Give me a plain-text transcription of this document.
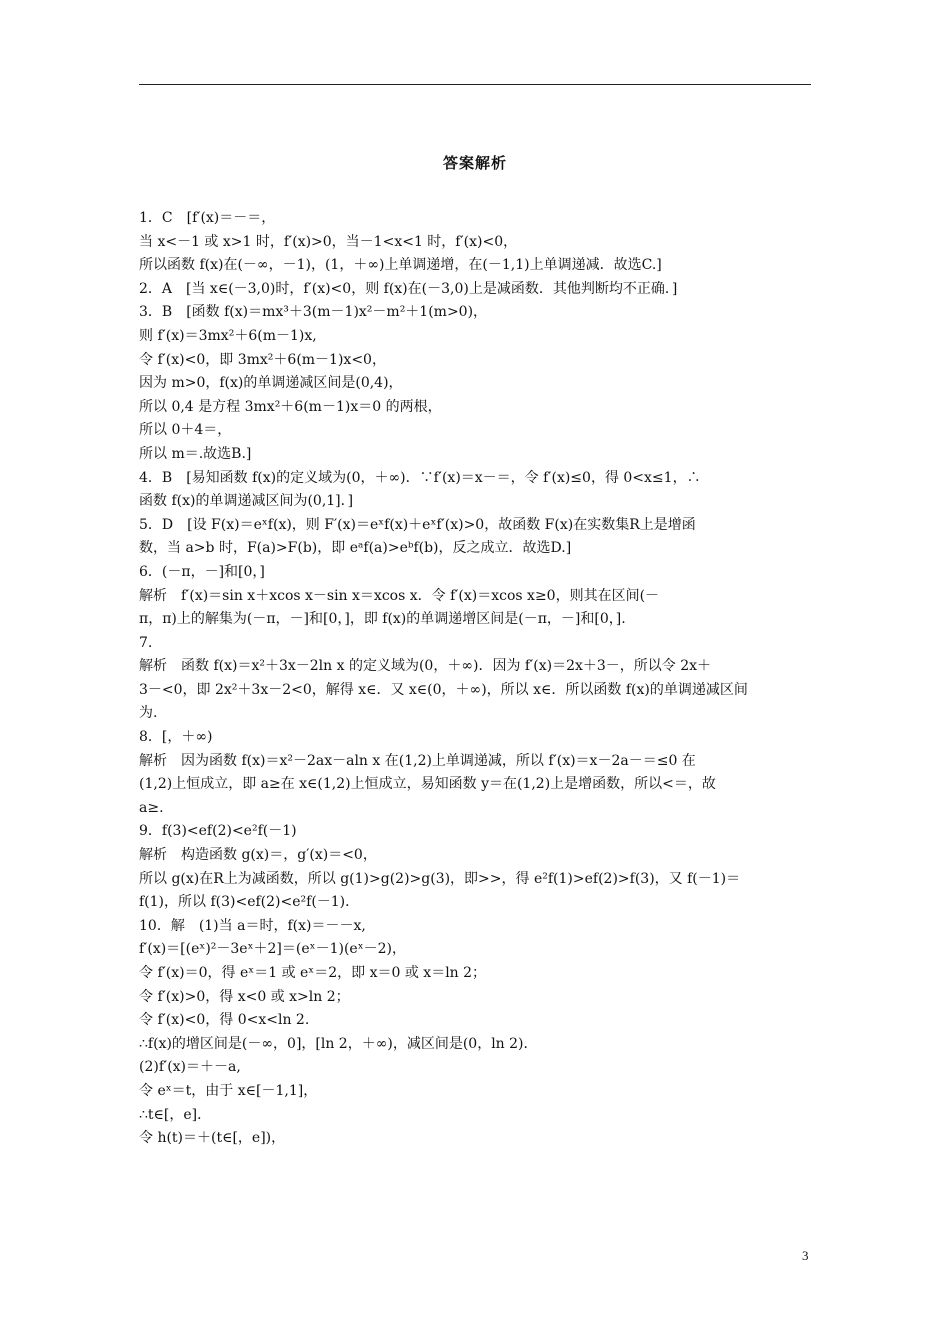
答案解析
1．C　[f′(x)＝－＝，
当 x<－1 或 x>1 时，f′(x)>0，当－1<x<1 时，f′(x)<0，
所以函数 f(x)在(－∞，－1)，(1，＋∞)上单调递增，在(－1,1)上单调递减．故选C.]
2．A　[当 x∈(－3,0)时，f′(x)<0，则 f(x)在(－3,0)上是减函数．其他判断均不正确．]
3．B　[函数 f(x)＝mx³＋3(m－1)x²－m²＋1(m>0)，
则 f′(x)＝3mx²＋6(m－1)x,
令 f′(x)<0，即 3mx²＋6(m－1)x<0，
因为 m>0，f(x)的单调递减区间是(0,4)，
所以 0,4 是方程 3mx²＋6(m－1)x＝0 的两根，
所以 0＋4＝，
所以 m＝.故选B.]
4．B　[易知函数 f(x)的定义域为(0，＋∞)．∵f′(x)＝x－＝，令 f′(x)≤0，得 0<x≤1，∴
函数 f(x)的单调递减区间为(0,1]．]
5．D　[设 F(x)＝eˣf(x)，则 F′(x)＝eˣf(x)＋eˣf′(x)>0，故函数 F(x)在实数集R上是增函
数，当 a>b 时，F(a)>F(b)，即 eᵃf(a)>eᵇf(b)，反之成立．故选D.]
6．(－π，－]和[0，]
解析　f′(x)＝sin x＋xcos x－sin x＝xcos x．令 f′(x)＝xcos x≥0，则其在区间(－
π，π)上的解集为(－π，－]和[0，]，即 f(x)的单调递增区间是(－π，－]和[0，].
7.
解析　函数 f(x)＝x²＋3x－2ln x 的定义域为(0，＋∞)．因为 f′(x)＝2x＋3－，所以令 2x＋
3－<0，即 2x²＋3x－2<0，解得 x∈．又 x∈(0，＋∞)，所以 x∈．所以函数 f(x)的单调递减区间
为.
8．[，＋∞)
解析　因为函数 f(x)＝x²－2ax－aln x 在(1,2)上单调递减，所以 f′(x)＝x－2a－＝≤0 在
(1,2)上恒成立，即 a≥在 x∈(1,2)上恒成立，易知函数 y＝在(1,2)上是增函数，所以<＝，故
a≥.
9．f(3)<ef(2)<e²f(－1)
解析　构造函数 g(x)＝，g′(x)＝<0，
所以 g(x)在R上为减函数，所以 g(1)>g(2)>g(3)，即>>，得 e²f(1)>ef(2)>f(3)，又 f(－1)＝
f(1)，所以 f(3)<ef(2)<e²f(－1)．
10．解　(1)当 a＝时，f(x)＝－－x,
f′(x)＝[(eˣ)²－3eˣ＋2]＝(eˣ－1)(eˣ－2)，
令 f′(x)＝0，得 eˣ＝1 或 eˣ＝2，即 x＝0 或 x＝ln 2；
令 f′(x)>0，得 x<0 或 x>ln 2；
令 f′(x)<0，得 0<x<ln 2.
∴f(x)的增区间是(－∞，0]，[ln 2，＋∞)，减区间是(0，ln 2)．
(2)f′(x)＝＋－a,
令 eˣ＝t，由于 x∈[－1,1]，
∴t∈[，e]．
令 h(t)＝＋(t∈[，e])，
3
